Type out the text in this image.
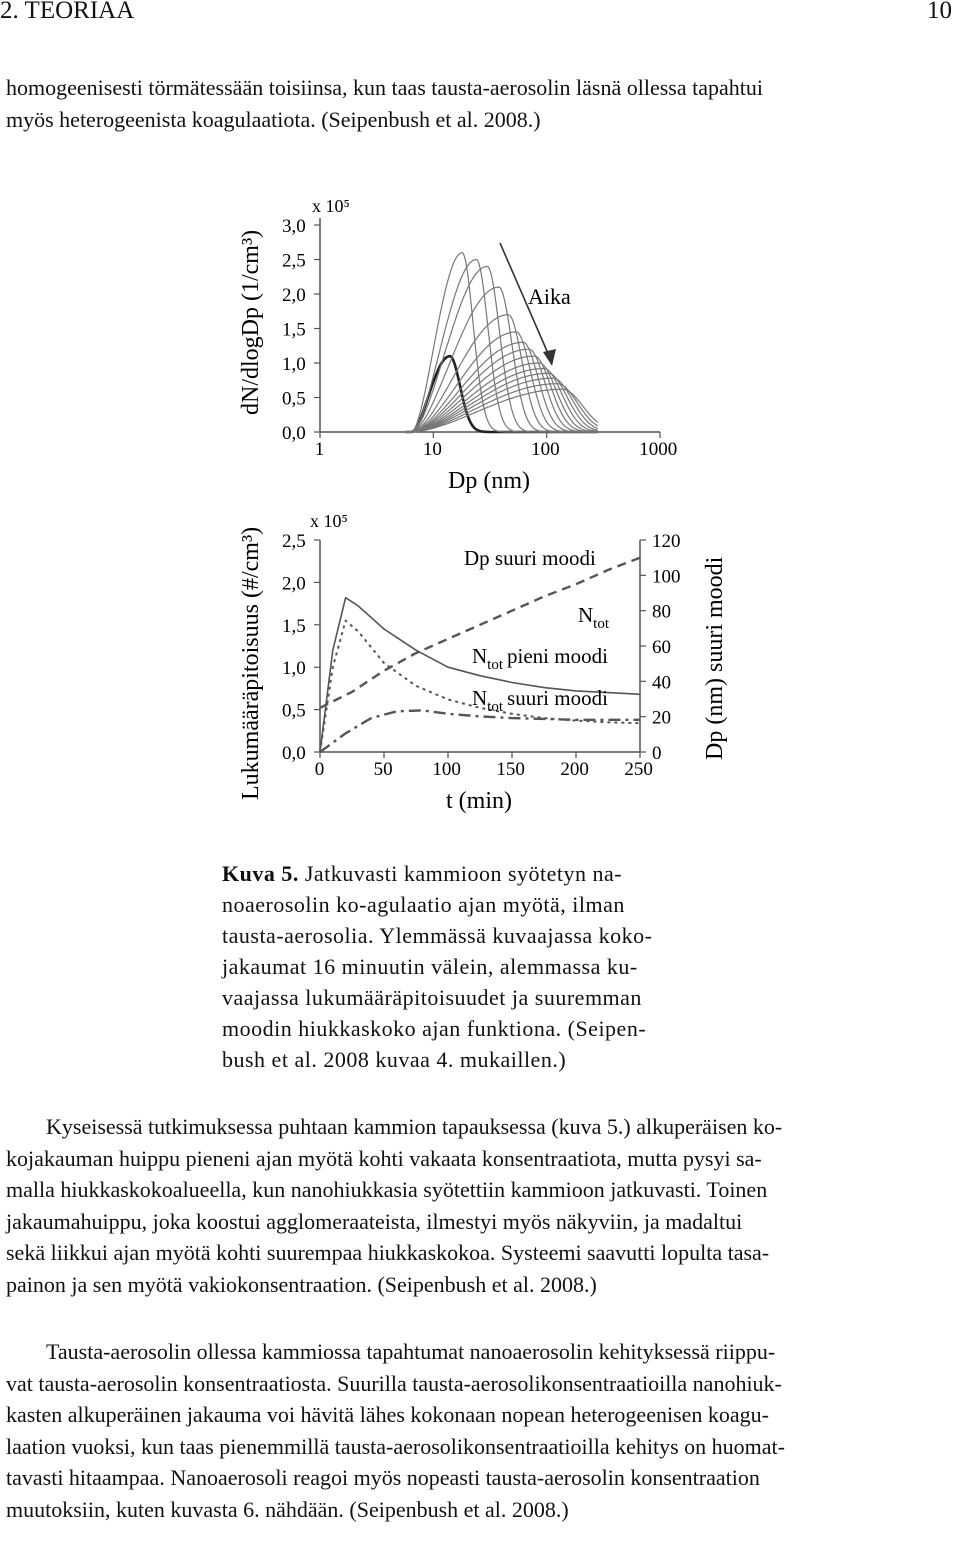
2. TEORIAA	10

homogeenisesti törmätessään toisiinsa, kun taas tausta-aerosolin läsnä ollessa tapahtui
myös heterogeenista koagulaatiota. (Seipenbush et al. 2008.)

x 10⁵
dN/dlogDp (1/cm³)
Dp (nm)
Aika
0,0
0,5
1,0
1,5
2,0
2,5
3,0
1	10	100	1000
x 10⁵
Lukumääräpitoisuus (#/cm³)	Dp (nm) suuri moodi
t (min)
0,0
0,5
1,0
1,5
2,0
2,5
0
20
40
60
80
100
120
0	50 100 150 200 250
Dp suuri moodi
$N_{tot}$
$N_{tot}$ pieni moodi
$N_{tot}$ suuri moodi
Kuva 5. Jatkuvasti kammioon syötetyn na-
noaerosolin ko-agulaatio ajan myötä, ilman
tausta-aerosolia. Ylemmässä kuvaajassa koko-
jakaumat 16 minuutin välein, alemmassa ku-
vaajassa lukumääräpitoisuudet ja suuremman
moodin hiukkaskoko ajan funktiona. (Seipen-
bush et al. 2008 kuvaa 4. mukaillen.)

Kyseisessä tutkimuksessa puhtaan kammion tapauksessa (kuva 5.) alkuperäisen ko-
kojakauman huippu pieneni ajan myötä kohti vakaata konsentraatiota, mutta pysyi sa-
malla hiukkaskokoalueella, kun nanohiukkasia syötettiin kammioon jatkuvasti. Toinen
jakaumahuippu, joka koostui agglomeraateista, ilmestyi myös näkyviin, ja madaltui
sekä liikkui ajan myötä kohti suurempaa hiukkaskokoa. Systeemi saavutti lopulta tasa-
painon ja sen myötä vakiokonsentraation. (Seipenbush et al. 2008.)

Tausta-aerosolin ollessa kammiossa tapahtumat nanoaerosolin kehityksessä riippu-
vat tausta-aerosolin konsentraatiosta. Suurilla tausta-aerosolikonsentraatioilla nanohiuk-
kasten alkuperäinen jakauma voi hävitä lähes kokonaan nopean heterogeenisen koagu-
laation vuoksi, kun taas pienemmillä tausta-aerosolikonsentraatioilla kehitys on huomat-
tavasti hitaampaa. Nanoaerosoli reagoi myös nopeasti tausta-aerosolin konsentraation
muutoksiin, kuten kuvasta 6. nähdään. (Seipenbush et al. 2008.)
